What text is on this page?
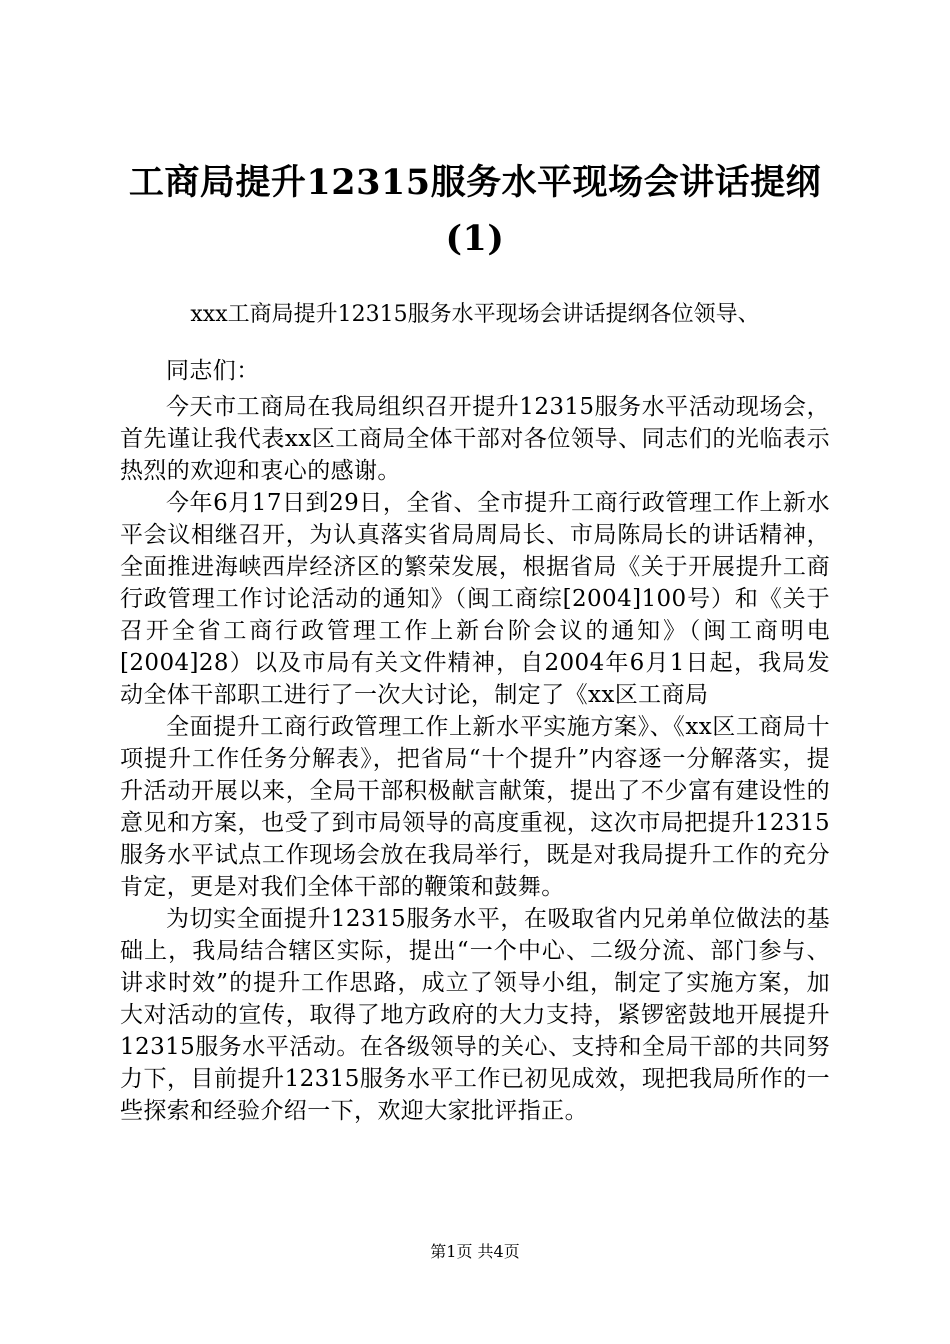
工商局提升12315服务水平现场会讲话提纲
(1)
xxx工商局提升12315服务水平现场会讲话提纲各位领导、

同志们：

今天市工商局在我局组织召开提升12315服务水平活动现场会，首先谨让我代表xx区工商局全体干部对各位领导、同志们的光临表示热烈的欢迎和衷心的感谢。

今年6月17日到29日，全省、全市提升工商行政管理工作上新水平会议相继召开，为认真落实省局周局长、市局陈局长的讲话精神，全面推进海峡西岸经济区的繁荣发展，根据省局《关于开展提升工商行政管理工作讨论活动的通知》（闽工商综[2004]100号）和《关于召开全省工商行政管理工作上新台阶会议的通知》（闽工商明电[2004]28）以及市局有关文件精神，自2004年6月1日起，我局发动全体干部职工进行了一次大讨论，制定了《xx区工商局

全面提升工商行政管理工作上新水平实施方案》、《xx区工商局十项提升工作任务分解表》，把省局“十个提升”内容逐一分解落实，提升活动开展以来，全局干部积极献言献策，提出了不少富有建设性的意见和方案，也受了到市局领导的高度重视，这次市局把提升12315服务水平试点工作现场会放在我局举行，既是对我局提升工作的充分肯定，更是对我们全体干部的鞭策和鼓舞。

为切实全面提升12315服务水平，在吸取省内兄弟单位做法的基础上，我局结合辖区实际，提出“一个中心、二级分流、部门参与、讲求时效”的提升工作思路，成立了领导小组，制定了实施方案，加大对活动的宣传，取得了地方政府的大力支持，紧锣密鼓地开展提升12315服务水平活动。在各级领导的关心、支持和全局干部的共同努力下，目前提升12315服务水平工作已初见成效，现把我局所作的一些探索和经验介绍一下，欢迎大家批评指正。

第1页 共4页
